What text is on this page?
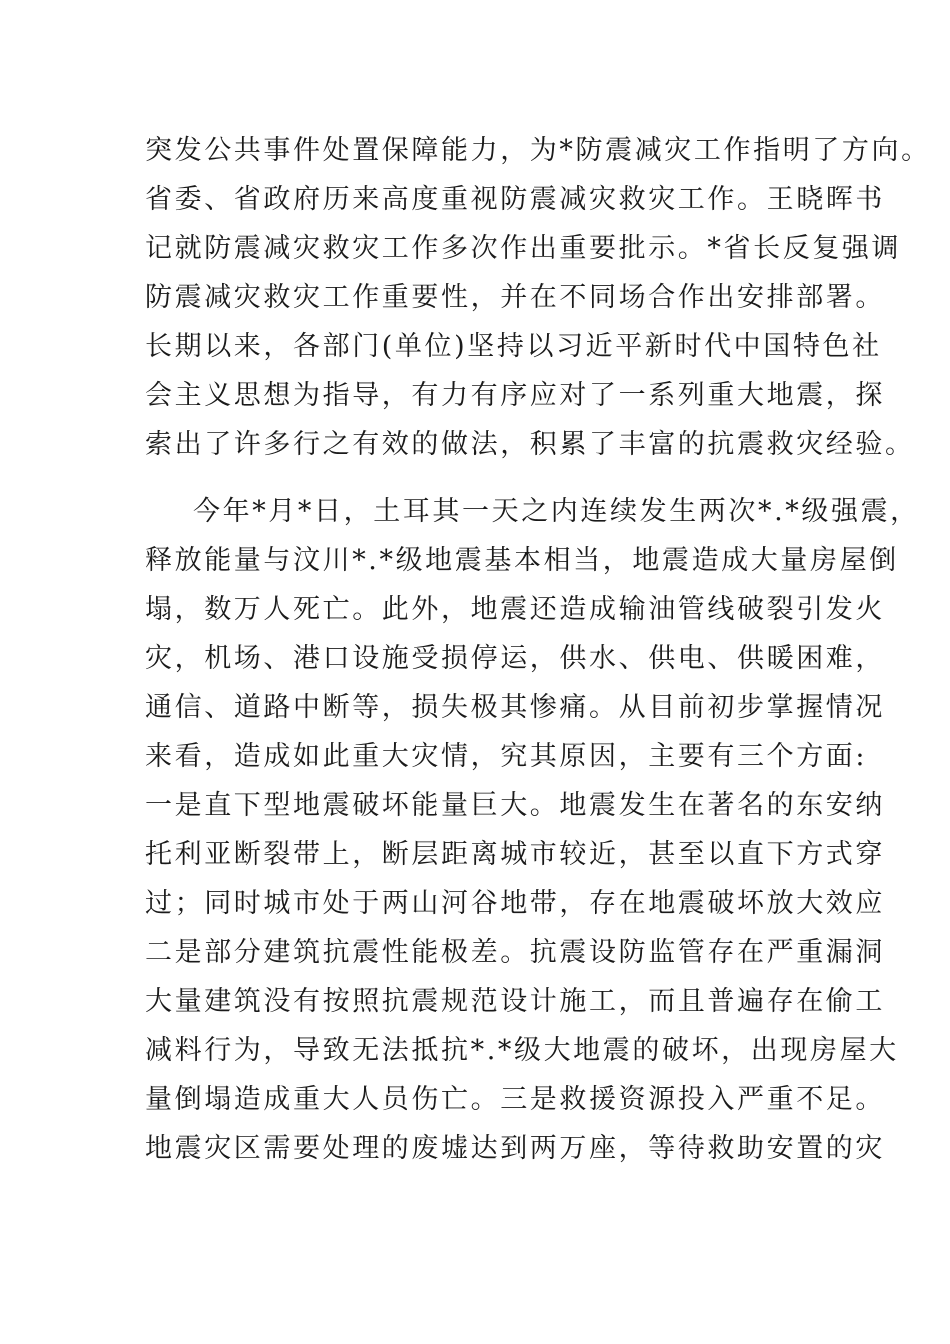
突发公共事件处置保障能力，为*防震减灾工作指明了方向。
省委、省政府历来高度重视防震减灾救灾工作。王晓晖书
记就防震减灾救灾工作多次作出重要批示。*省长反复强调
防震减灾救灾工作重要性，并在不同场合作出安排部署。
长期以来，各部门(单位)坚持以习近平新时代中国特色社
会主义思想为指导，有力有序应对了一系列重大地震，探
索出了许多行之有效的做法，积累了丰富的抗震救灾经验。
今年*月*日，土耳其一天之内连续发生两次*.*级强震，
释放能量与汶川*.*级地震基本相当，地震造成大量房屋倒
塌，数万人死亡。此外，地震还造成输油管线破裂引发火
灾，机场、港口设施受损停运，供水、供电、供暖困难，
通信、道路中断等，损失极其惨痛。从目前初步掌握情况
来看，造成如此重大灾情，究其原因，主要有三个方面:
一是直下型地震破坏能量巨大。地震发生在著名的东安纳
托利亚断裂带上，断层距离城市较近，甚至以直下方式穿
过；同时城市处于两山河谷地带，存在地震破坏放大效应
二是部分建筑抗震性能极差。抗震设防监管存在严重漏洞
大量建筑没有按照抗震规范设计施工，而且普遍存在偷工
减料行为，导致无法抵抗*.*级大地震的破坏，出现房屋大
量倒塌造成重大人员伤亡。三是救援资源投入严重不足。
地震灾区需要处理的废墟达到两万座，等待救助安置的灾
